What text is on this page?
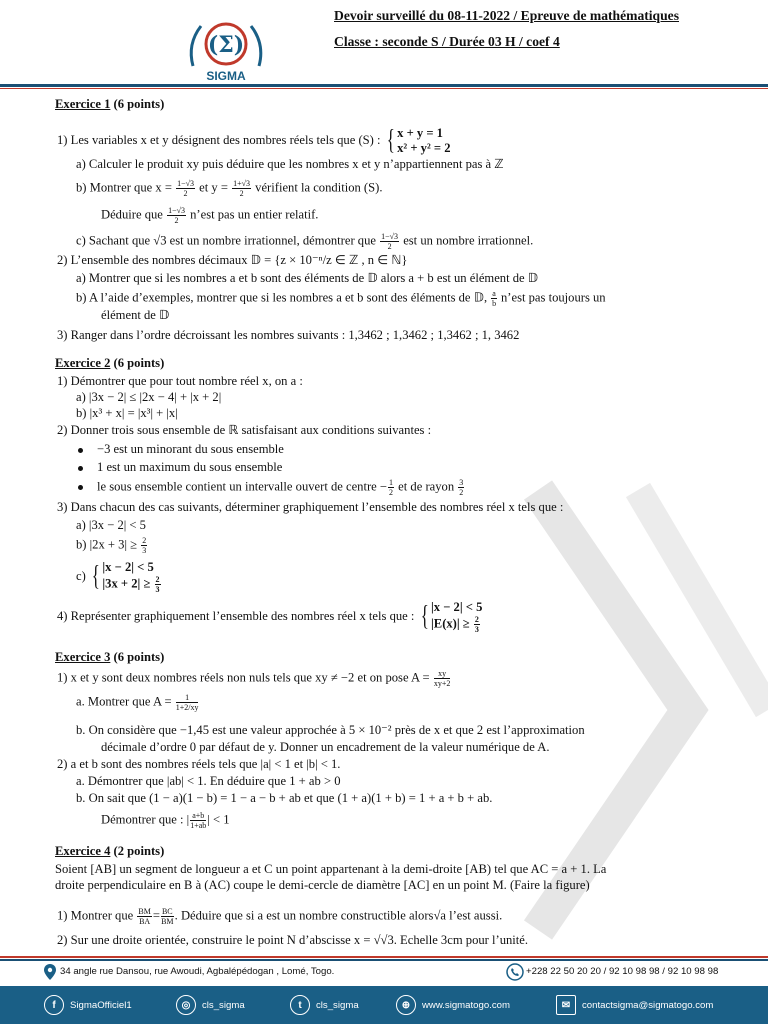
(Σ)
SIGMA
Devoir surveillé du 08-11-2022 / Epreuve de mathématiques
Classe : seconde S / Durée 03 H / coef 4
Exercice 1 (6 points)
1) Les variables x et y désignent des nombres réels tels que (S) : { x + y = 1
x² + y² = 2
a) Calculer le produit xy puis déduire que les nombres x et y n’appartiennent pas à ℤ
b) Montrer que $x = \frac{1-√3}{2}$ et $y = \frac{1+√3}{2}$ vérifient la condition (S).
Déduire que $\frac{1-√3}{2}$ n’est pas un entier relatif.
c) Sachant que √3 est un nombre irrationnel, démontrer que $\frac{1-√3}{2}$ est un nombre irrationnel.
2) L’ensemble des nombres décimaux 𝔻 = {z × 10⁻ⁿ/z ∈ ℤ , n ∈ ℕ}
a) Montrer que si les nombres a et b sont des éléments de 𝔻 alors a + b est un élément de 𝔻
b) A l’aide d’exemples, montrer que si les nombres a et b sont des éléments de 𝔻, $\frac{a}{b}$ n’est pas toujours un
élément de 𝔻
3) Ranger dans l’ordre décroissant les nombres suivants : 1,3462 ; 1,3462 ; 1,3462 ; 1, 3462
Exercice 2 (6 points)
1) Démontrer que pour tout nombre réel x, on a :
a) |3x − 2| ≤ |2x − 4| + |x + 2|
b) |x³ + x| = |x³| + |x|
2) Donner trois sous ensemble de ℝ satisfaisant aux conditions suivantes :
−3 est un minorant du sous ensemble
1 est un maximum du sous ensemble
le sous ensemble contient un intervalle ouvert de centre − $\frac{1}{2}$ et de rayon $\frac{3}{2}$
3) Dans chacun des cas suivants, déterminer graphiquement l’ensemble des nombres réel x tels que :
a) |3x − 2| < 5
b) $|2x + 3| \ge \frac{2}{3}$
c) { |x − 2| < 5
$|3x + 2| \ge \frac{2}{3}$
4) Représenter graphiquement l’ensemble des nombres réel x tels que : { |x − 2| < 5
$|E(x)| \ge \frac{2}{3}$
Exercice 3 (6 points)
1) x et y sont deux nombres réels non nuls tels que xy ≠ −2 et on pose $A = \frac{xy}{xy+2}$
a. Montrer que $A = \frac{1}{1+2/xy}$
b. On considère que −1,45 est une valeur approchée à 5 × 10⁻² près de x et que 2 est l’approximation
décimale d’ordre 0 par défaut de y. Donner un encadrement de la valeur numérique de A.
2) a et b sont des nombres réels tels que |a| < 1 et |b| < 1.
a. Démontrer que |ab| < 1. En déduire que 1 + ab > 0
b. On sait que (1 − a)(1 − b) = 1 − a − b + ab et que (1 + a)(1 + b) = 1 + a + b + ab.
Démontrer que : | $\frac{a+b}{1+ab}$ | < 1
Exercice 4 (2 points)
Soient [AB] un segment de longueur a et C un point appartenant à la demi-droite [AB) tel que AC = a + 1. La
droite perpendiculaire en B à (AC) coupe le demi-cercle de diamètre [AC] en un point M. (Faire la figure)
1) Montrer que $\frac{BM}{BA} = \frac{BC}{BM}$ . Déduire que si a est un nombre constructible alors√a l’est aussi.
2) Sur une droite orientée, construire le point N d’abscisse x = √√3. Echelle 3cm pour l’unité.
34 angle rue Dansou, rue Awoudi, Agbalépédogan , Lomé, Togo.	+228 22 50 20 20 / 92 10 98 98 / 92 10 98 98
f	SigmaOfficiel1	◎	cls_sigma	t	cls_sigma	⊕	www.sigmatogo.com	✉	contactsigma@sigmatogo.com
